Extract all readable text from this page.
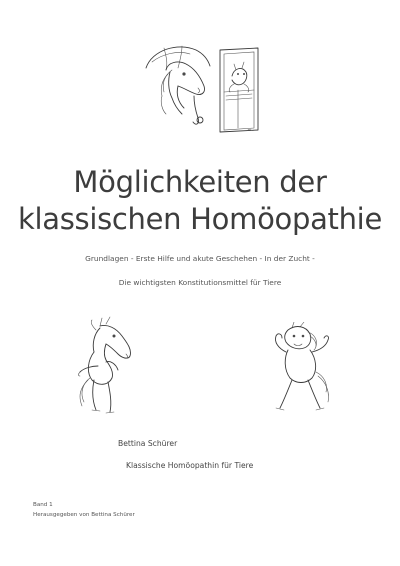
Möglichkeiten der
klassischen Homöopathie
Grundlagen - Erste Hilfe und akute Geschehen - In der Zucht -
Die wichtigsten Konstitutionsmittel für Tiere
Bettina Schürer
Klassische Homöopathin für Tiere
Band 1
Herausgegeben von Bettina Schürer
